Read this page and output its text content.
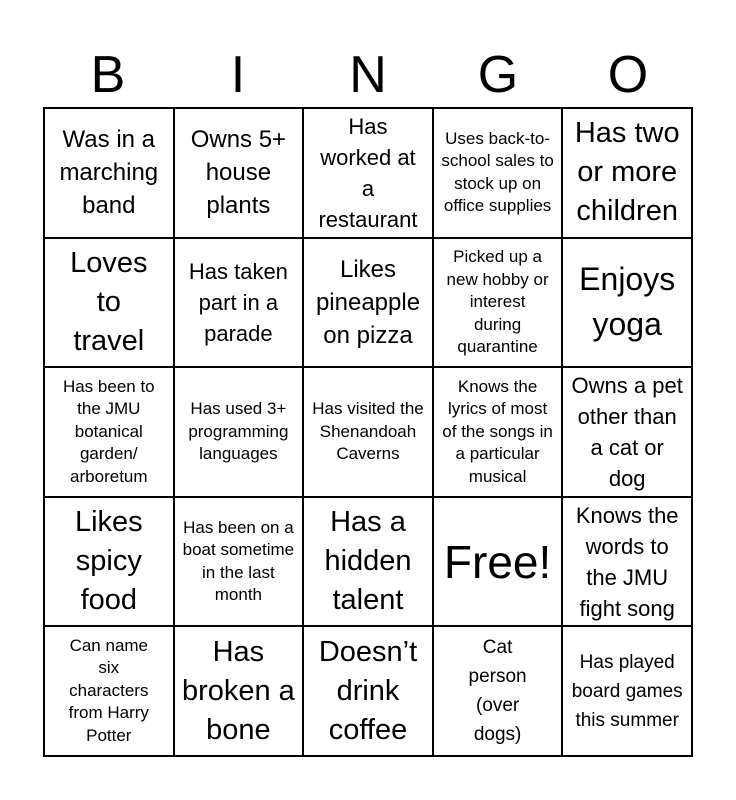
B	I	N	G	O
Was in a marching band
Owns 5+ house plants
Has worked at a restaurant
Uses back-to-school sales to stock up on office supplies
Has two or more children
Loves to travel
Has taken part in a parade
Likes pineapple on pizza
Picked up a new hobby or interest during quarantine
Enjoys yoga
Has been to the JMU botanical garden/ arboretum
Has used 3+ programming languages
Has visited the Shenandoah Caverns
Knows the lyrics of most of the songs in a particular musical
Owns a pet other than a cat or dog
Likes spicy food
Has been on a boat sometime in the last month
Has a hidden talent
Free!
Knows the words to the JMU fight song
Can name six characters from Harry Potter
Has broken a bone
Doesn’t drink coffee
Cat person (over dogs)
Has played board games this summer
